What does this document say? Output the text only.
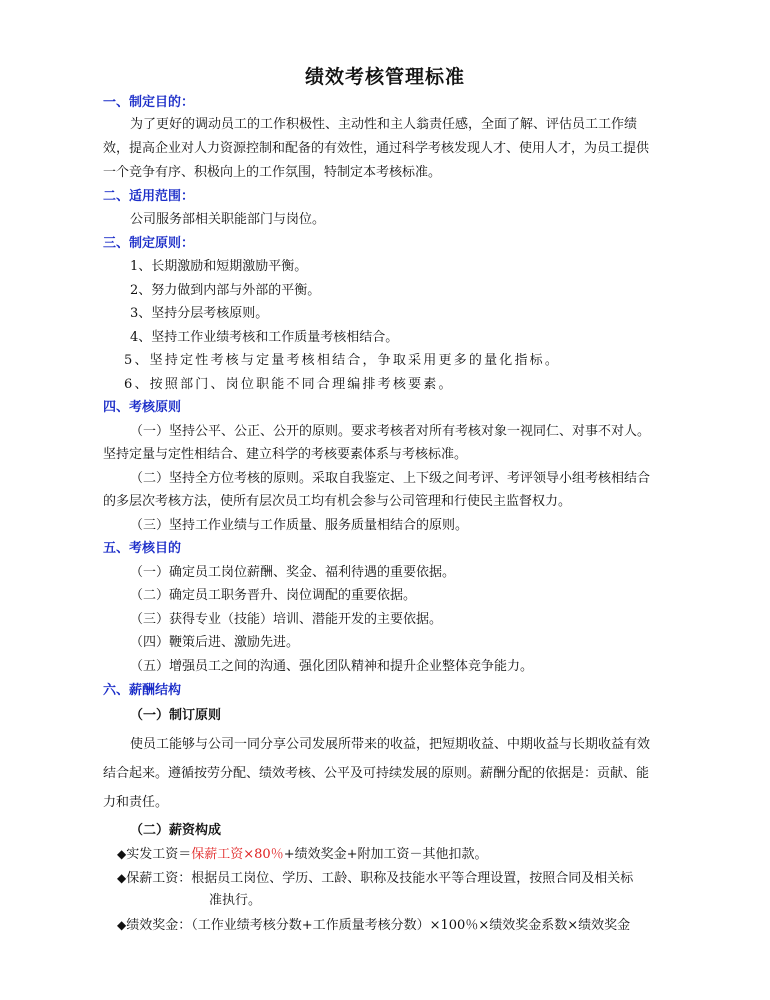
绩效考核管理标准
一、制定目的：
为了更好的调动员工的工作积极性、主动性和主人翁责任感，全面了解、评估员工工作绩
效，提高企业对人力资源控制和配备的有效性，通过科学考核发现人才、使用人才，为员工提供
一个竞争有序、积极向上的工作氛围，特制定本考核标准。
二、适用范围：
公司服务部相关职能部门与岗位。
三、制定原则：
1、长期激励和短期激励平衡。
2、努力做到内部与外部的平衡。
3、坚持分层考核原则。
4、坚持工作业绩考核和工作质量考核相结合。
5、坚持定性考核与定量考核相结合，争取采用更多的量化指标。
6、按照部门、岗位职能不同合理编排考核要素。
四、考核原则
（一）坚持公平、公正、公开的原则。要求考核者对所有考核对象一视同仁、对事不对人。
坚持定量与定性相结合、建立科学的考核要素体系与考核标准。
（二）坚持全方位考核的原则。采取自我鉴定、上下级之间考评、考评领导小组考核相结合
的多层次考核方法，使所有层次员工均有机会参与公司管理和行使民主监督权力。
（三）坚持工作业绩与工作质量、服务质量相结合的原则。
五、考核目的
（一）确定员工岗位薪酬、奖金、福利待遇的重要依据。
（二）确定员工职务晋升、岗位调配的重要依据。
（三）获得专业（技能）培训、潜能开发的主要依据。
（四）鞭策后进、激励先进。
（五）增强员工之间的沟通、强化团队精神和提升企业整体竞争能力。
六、薪酬结构
（一）制订原则
使员工能够与公司一同分享公司发展所带来的收益，把短期收益、中期收益与长期收益有效
结合起来。遵循按劳分配、绩效考核、公平及可持续发展的原则。薪酬分配的依据是：贡献、能
力和责任。
（二）薪资构成
◆实发工资＝保薪工资×80％+绩效奖金+附加工资－其他扣款。
◆保薪工资：根据员工岗位、学历、工龄、职称及技能水平等合理设置，按照合同及相关标
准执行。
◆绩效奖金：（工作业绩考核分数+工作质量考核分数）×100％×绩效奖金系数×绩效奖金
